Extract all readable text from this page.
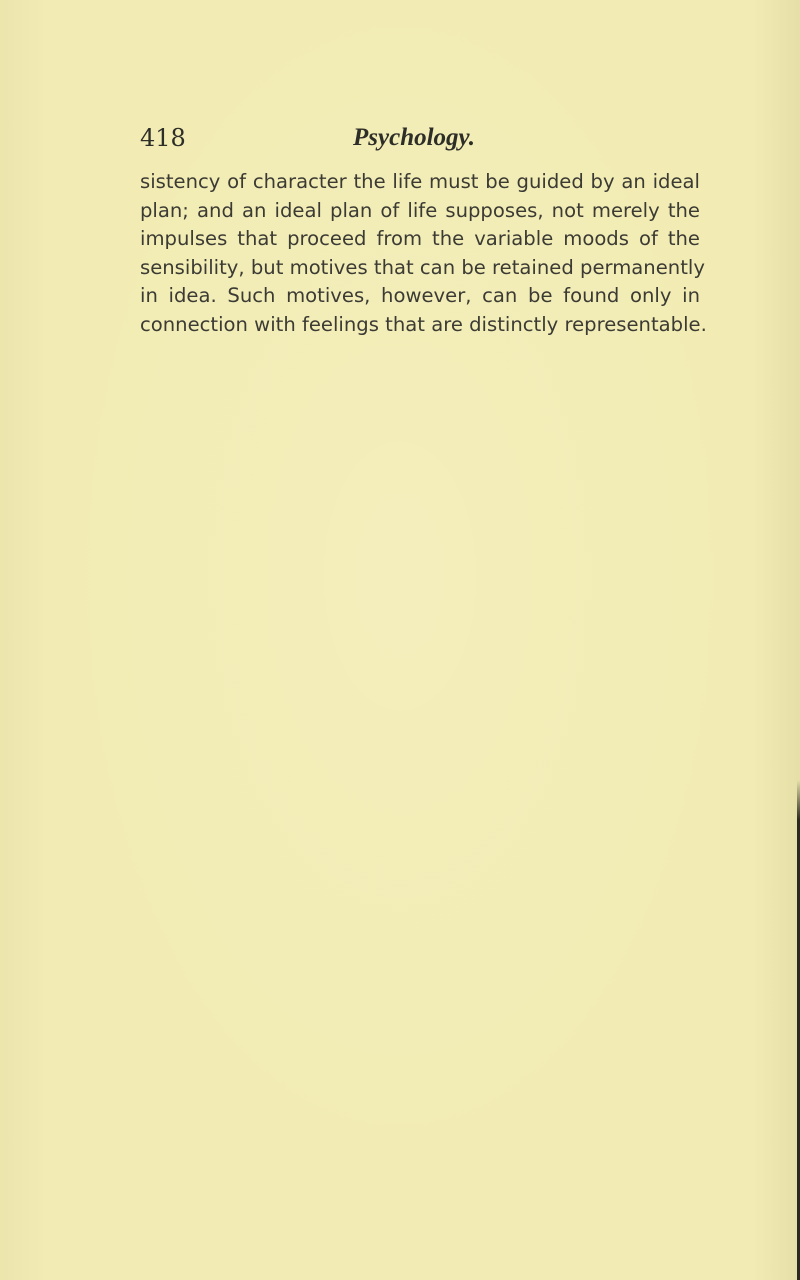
418	Psychology.

sistency of character the life must be guided by an ideal
plan; and an ideal plan of life supposes, not merely the
impulses that proceed from the variable moods of the
sensibility, but motives that can be retained permanently
in idea. Such motives, however, can be found only in
connection with feelings that are distinctly representable.
